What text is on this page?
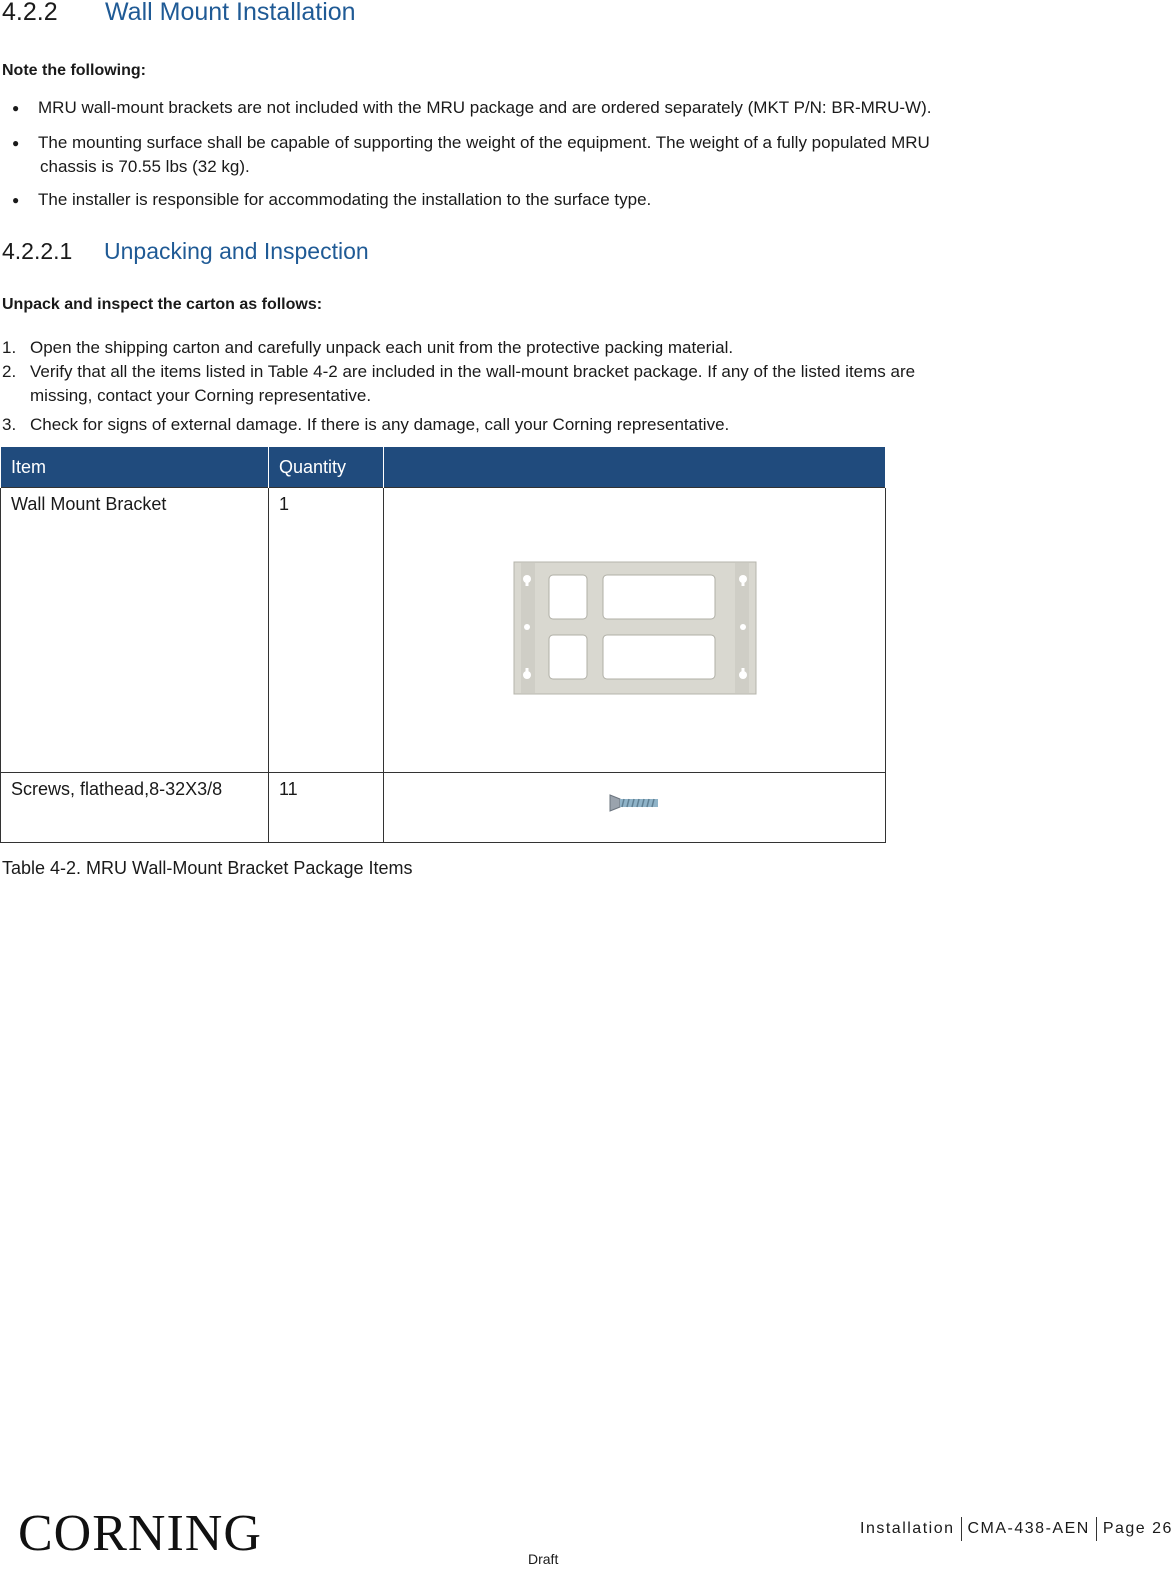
4.2.2 Wall Mount Installation
Note the following:
● MRU wall-mount brackets are not included with the MRU package and are ordered separately (MKT P/N: BR-MRU-W).
● The mounting surface shall be capable of supporting the weight of the equipment. The weight of a fully populated MRU
chassis is 70.55 lbs (32 kg).
● The installer is responsible for accommodating the installation to the surface type.
4.2.2.1 Unpacking and Inspection
Unpack and inspect the carton as follows:
1. Open the shipping carton and carefully unpack each unit from the protective packing material.
2. Verify that all the items listed in Table 4-2 are included in the wall-mount bracket package. If any of the listed items are
missing, contact your Corning representative.
3. Check for signs of external damage. If there is any damage, call your Corning representative.
Item	Quantity	
Wall Mount Bracket	1	
Screws, flathead,8-32X3/8	11	
Table 4-2. MRU Wall-Mount Bracket Package Items
CORNING	Installation CMA-438-AEN Page 26
Draft
